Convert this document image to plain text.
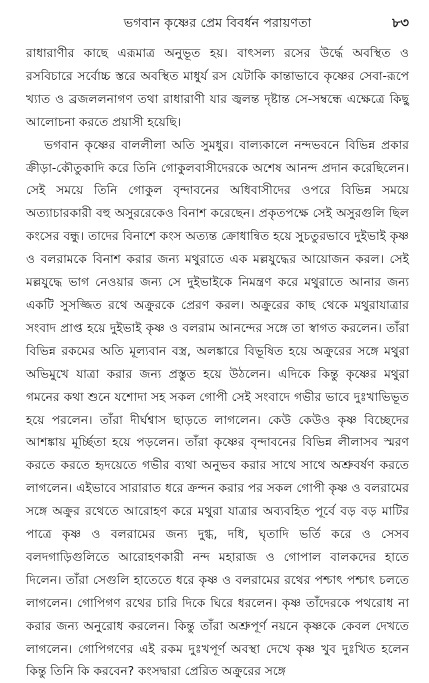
ভগবান কৃষ্ণের প্রেম বিবর্ধন পরায়ণতা	৮৩

রাধারাণীর কাছে এরূমাত্র অনুভূত হয়। বাৎসল্য রসের উর্দ্ধে অবস্থিত ও রসবিচারে সর্বোচ্চ স্তরে অবস্থিত মাধুর্য রস যেটাকি কান্তাভাবে কৃষ্ণের সেবা-রূপে খ্যাত ও ব্রজললনাগণ তথা রাধারাণী যার জ্বলন্ত দৃষ্টান্ত সে-সম্বন্ধে এক্ষেত্রে কিছু আলোচনা করতে প্রয়াসী হয়েছি।

ভগবান কৃষ্ণের বাললীলা অতি সুমধুর। বাল্যকালে নন্দভবনে বিভিন্ন প্রকার ক্রীড়া-কৌতুকাদি করে তিনি গোকুলবাসীদেরকে অশেষ আনন্দ প্রদান করেছিলেন। সেই সময়ে তিনি গোকুল বৃন্দাবনের অধিবাসীদের ওপরে বিভিন্ন সময়ে অত্যাচারকারী বহু অসুররেকেও বিনাশ করেছেন। প্রকৃতপক্ষে সেই অসুরগুলি ছিল কংসের বন্ধু। তাদের বিনাশে কংস অত্যন্ত ক্রোধান্বিত হয়ে সুচতুরভাবে দুইভাই কৃষ্ণ ও বলরামকে বিনাশ করার জন্য মথুরাতে এক মল্লযুদ্ধের আয়োজন করল। সেই মল্লযুদ্ধে ভাগ নেওয়ার জন্য সে দুইভাইকে নিমন্ত্রণ করে মথুরাতে আনার জন্য একটি সুসজ্জিত রথে অক্রুরকে প্রেরণ করল। অক্রুরের কাছ থেকে মথুরাযাত্রার সংবাদ প্রাপ্ত হয়ে দুইভাই কৃষ্ণ ও বলরাম আনন্দের সঙ্গে তা স্বাগত করলেন। তাঁরা বিভিন্ন রকমের অতি মূল্যবান বস্ত্র, অলঙ্কারে বিভূষিত হয়ে অক্রুরের সঙ্গে মথুরা অভিমুখে যাত্রা করার জন্য প্রস্তুত হয়ে উঠলেন। এদিকে কিন্তু কৃষ্ণের মথুরা গমনের কথা শুনে যশোদা সহ সকল গোপী সেই সংবাদে গভীর ভাবে দুঃখাভিভূত হয়ে পরলেন। তাঁরা দীর্ঘশ্বাস ছাড়তে লাগলেন। কেউ কেউও কৃষ্ণ বিচ্ছেদের আশঙ্কায় মূর্চ্ছিতা হয়ে পড়লেন। তাঁরা কৃষ্ণের বৃন্দাবনের বিভিন্ন লীলাসব স্মরণ করতে করতে হৃদয়েতে গভীর ব্যথা অনুভব করার সাথে সাথে অশ্রুবর্ষণ করতে লাগলেন। এইভাবে সারারাত ধরে ক্রন্দন করার পর সকল গোপী কৃষ্ণ ও বলরামের সঙ্গে অক্রুর রথেতে আরোহণ করে মথুরা যাত্রার অব্যবহিত পূর্বে বড় বড় মাটির পাত্রে কৃষ্ণ ও বলরামের জন্য দুগ্ধ, দধি, ঘৃতাদি ভর্তি করে ও সেসব বলদগাড়িগুলিতে আরোহণকারী নন্দ মহারাজ ও গোপাল বালকদের হাতে দিলেন। তাঁরা সেগুলি হাতেতে ধরে কৃষ্ণ ও বলরামের রথের পশ্চাৎ পশ্চাৎ চলতে লাগলেন। গোপিগণ রথের চারি দিকে ঘিরে ধরলেন। কৃষ্ণ তাঁদেরকে পথরোধ না করার জন্য অনুরোধ করলেন। কিন্তু তাঁরা অশ্রুপূর্ণ নয়নে কৃষ্ণকে কেবল দেখতে লাগলেন। গোপিগণের এই রকম দুঃখপূর্ণ অবস্থা দেখে কৃষ্ণ খুব দুঃখিত হলেন কিন্তু তিনি কি করবেন? কংসদ্বারা প্রেরিত অক্রুরের সঙ্গে
